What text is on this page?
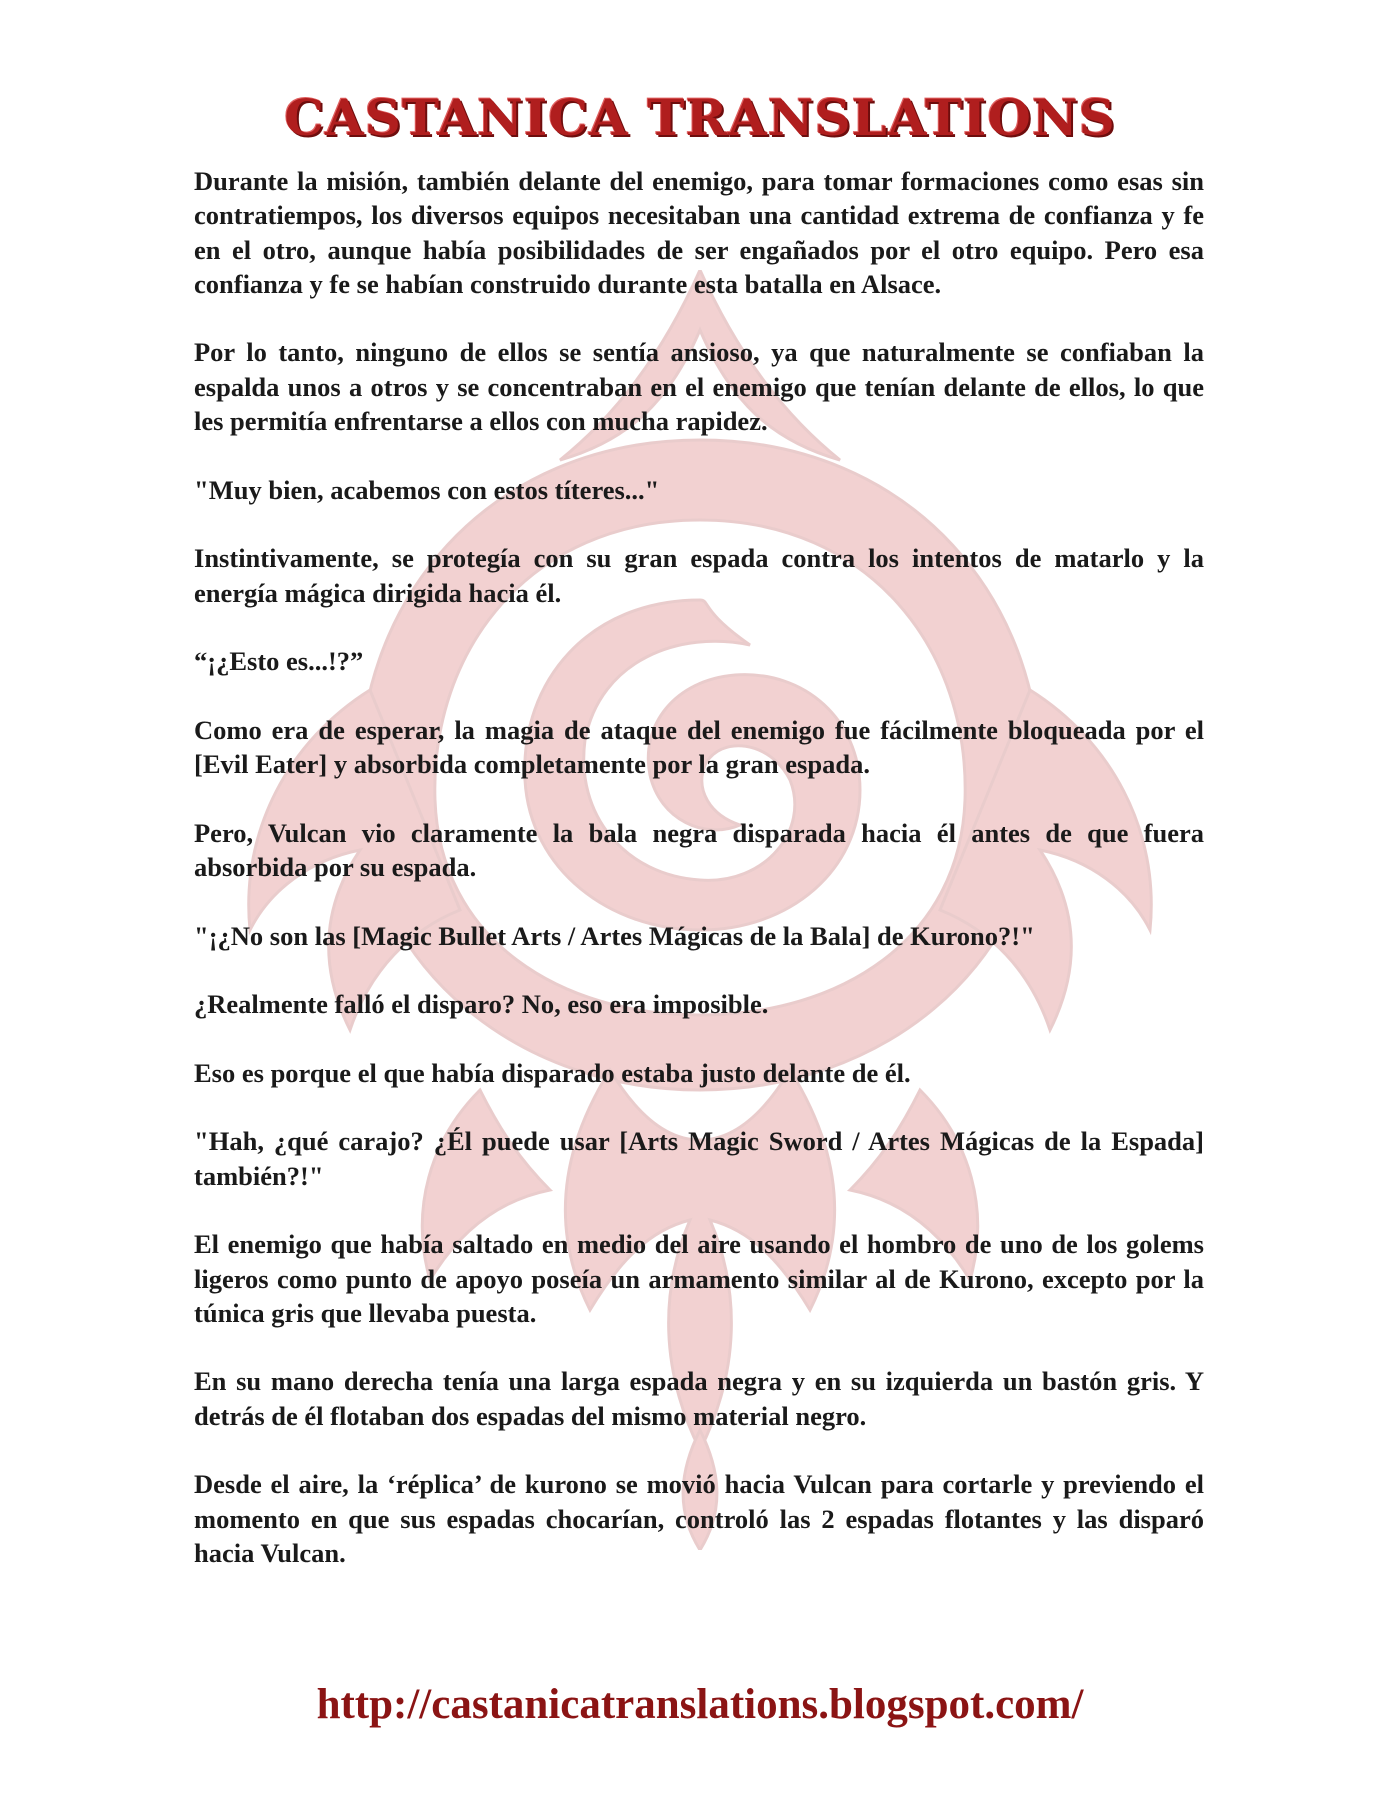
CASTANICA TRANSLATIONS

Durante la misión, también delante del enemigo, para tomar formaciones como esas sin contratiempos, los diversos equipos necesitaban una cantidad extrema de confianza y fe en el otro, aunque había posibilidades de ser engañados por el otro equipo. Pero esa confianza y fe se habían construido durante esta batalla en Alsace.

Por lo tanto, ninguno de ellos se sentía ansioso, ya que naturalmente se confiaban la espalda unos a otros y se concentraban en el enemigo que tenían delante de ellos, lo que les permitía enfrentarse a ellos con mucha rapidez.

"Muy bien, acabemos con estos títeres..."

Instintivamente, se protegía con su gran espada contra los intentos de matarlo y la energía mágica dirigida hacia él.

“¡¿Esto es...!?”

Como era de esperar, la magia de ataque del enemigo fue fácilmente bloqueada por el [Evil Eater] y absorbida completamente por la gran espada.

Pero, Vulcan vio claramente la bala negra disparada hacia él antes de que fuera absorbida por su espada.

"¡¿No son las [Magic Bullet Arts / Artes Mágicas de la Bala] de Kurono?!"

¿Realmente falló el disparo? No, eso era imposible.

Eso es porque el que había disparado estaba justo delante de él.

"Hah, ¿qué carajo? ¿Él puede usar [Arts Magic Sword / Artes Mágicas de la Espada] también?!"

El enemigo que había saltado en medio del aire usando el hombro de uno de los golems ligeros como punto de apoyo poseía un armamento similar al de Kurono, excepto por la túnica gris que llevaba puesta.

En su mano derecha tenía una larga espada negra y en su izquierda un bastón gris. Y detrás de él flotaban dos espadas del mismo material negro.

Desde el aire, la ‘réplica’ de kurono se movió hacia Vulcan para cortarle y previendo el momento en que sus espadas chocarían, controló las 2 espadas flotantes y las disparó hacia Vulcan.

http://castanicatranslations.blogspot.com/
